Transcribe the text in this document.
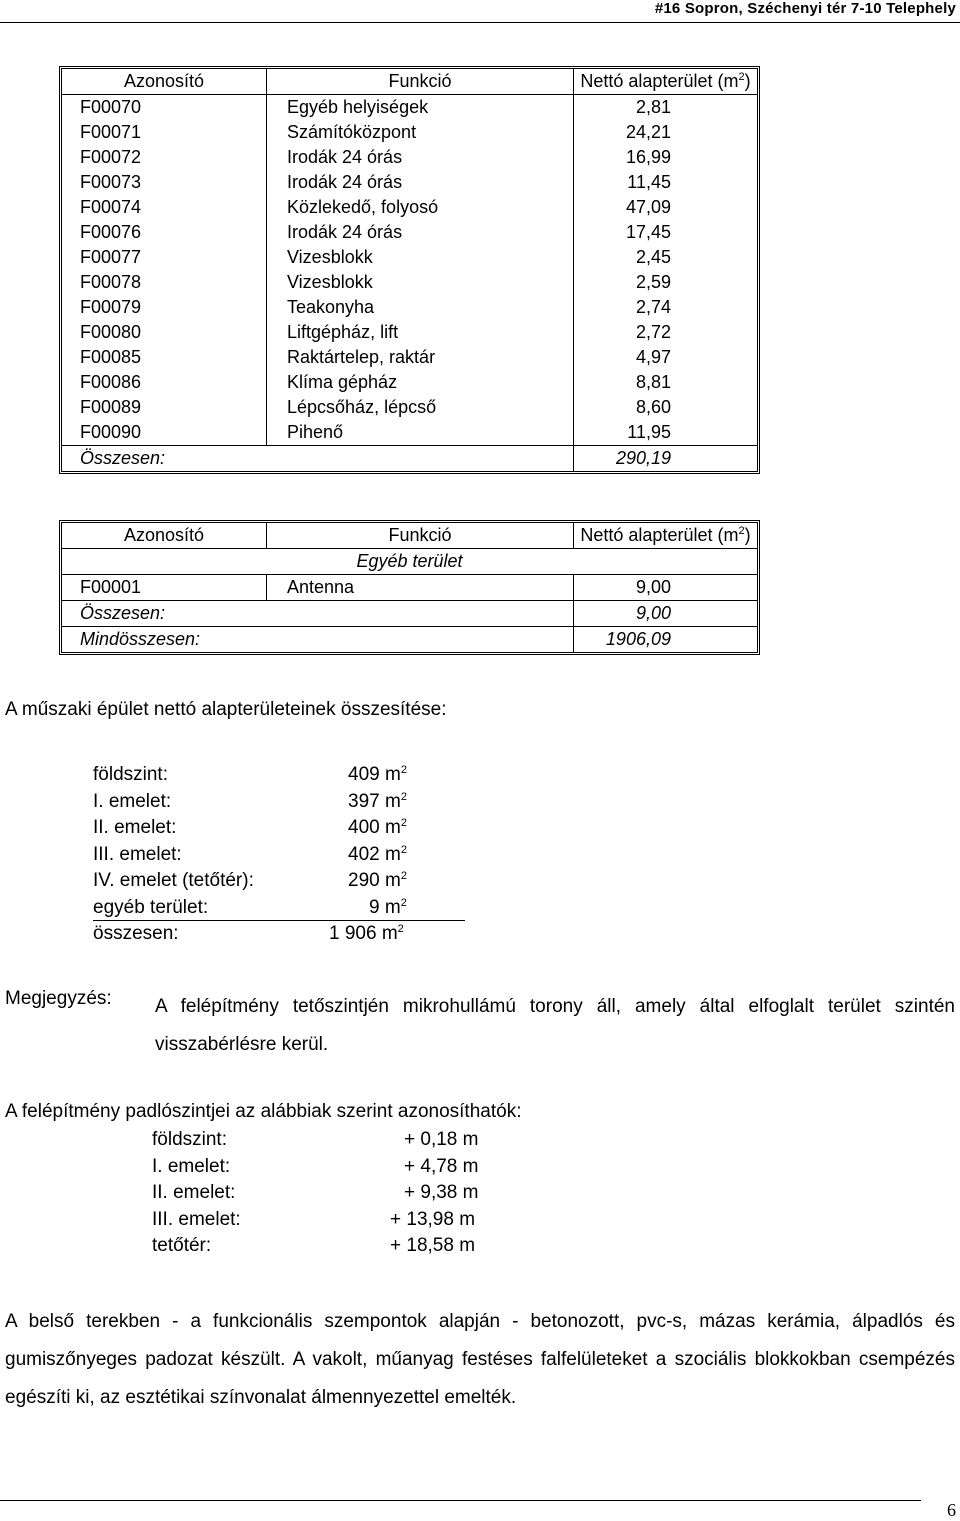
#16 Sopron, Széchenyi tér 7-10 Telephely
Azonosító	Funkció	Nettó alapterület $(m^2)$
F00070	Egyéb helyiségek	2,81
F00071	Számítóközpont	24,21
F00072	Irodák 24 órás	16,99
F00073	Irodák 24 órás	11,45
F00074	Közlekedő, folyosó	47,09
F00076	Irodák 24 órás	17,45
F00077	Vizesblokk	2,45
F00078	Vizesblokk	2,59
F00079	Teakonyha	2,74
F00080	Liftgépház, lift	2,72
F00085	Raktártelep, raktár	4,97
F00086	Klíma gépház	8,81
F00089	Lépcsőház, lépcső	8,60
F00090	Pihenő	11,95
Összesen:		290,19
Azonosító	Funkció	Nettó alapterület $(m^2)$
Egyéb terület		
F00001	Antenna	9,00
Összesen:		9,00
Mindösszesen:		1906,09
A műszaki épület nettó alapterületeinek összesítése:
földszint:	409 $m^2$
I. emelet:	397 $m^2$
II. emelet:	400 $m^2$
III. emelet:	402 $m^2$
IV. emelet (tetőtér):	290 $m^2$
egyéb terület:	9 $m^2$
összesen:	1 906 $m^2$
Megjegyzés: A felépítmény tetőszintjén mikrohullámú torony áll, amely által elfoglalt terület szintén visszabérlésre kerül.
A felépítmény padlószintjei az alábbiak szerint azonosíthatók:
földszint:	+ 0,18 m
I. emelet:	+ 4,78 m
II. emelet:	+ 9,38 m
III. emelet:	+ 13,98 m
tetőtér:	+ 18,58 m
A belső terekben - a funkcionális szempontok alapján - betonozott, pvc-s, mázas kerámia, álpadlós és gumiszőnyeges padozat készült. A vakolt, műanyag festéses falfelületeket a szociális blokkokban csempézés egészíti ki, az esztétikai színvonalat álmennyezettel emelték.
6
